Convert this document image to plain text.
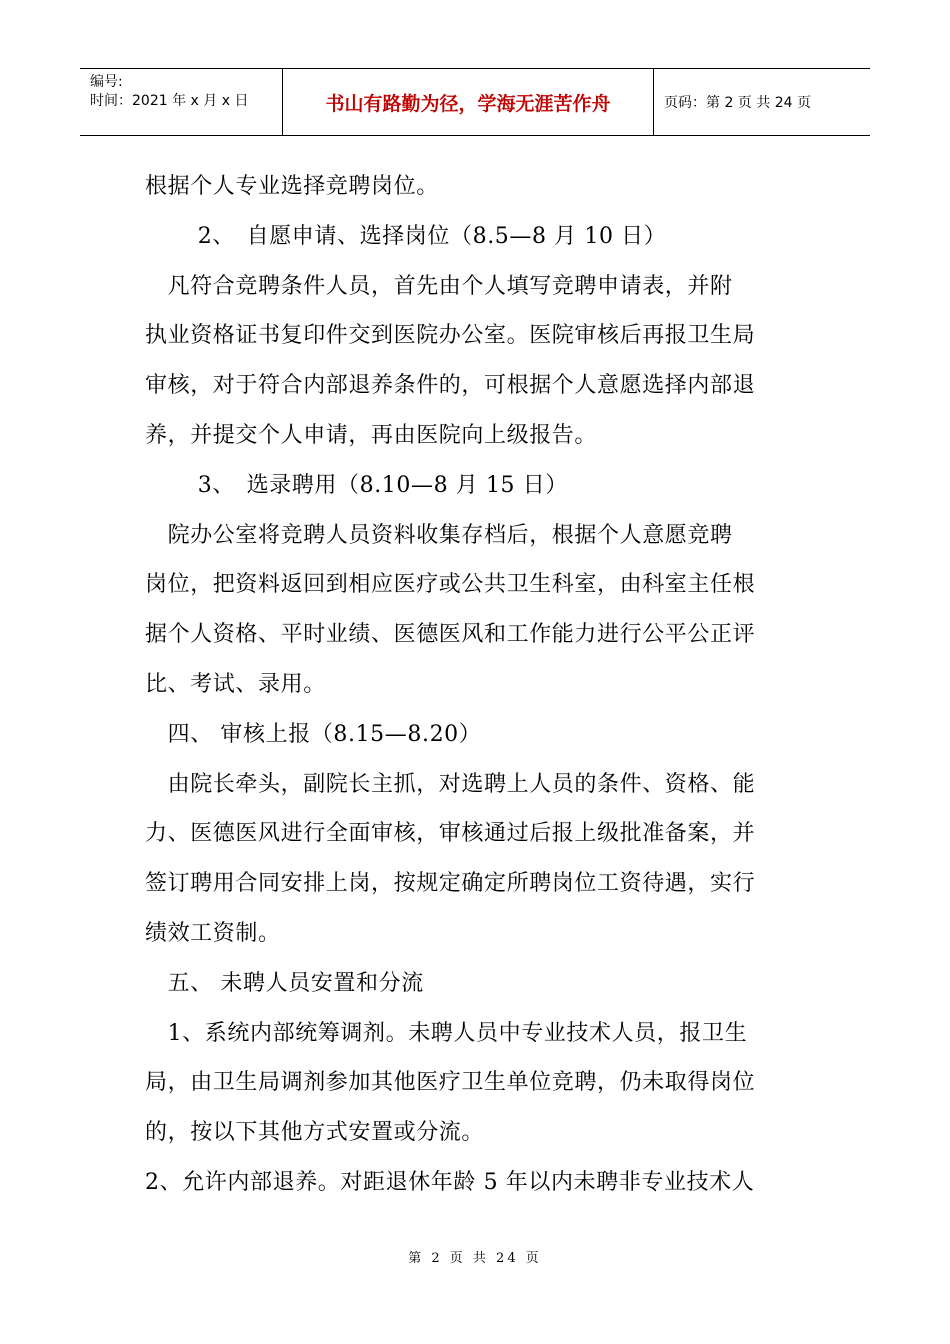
编号:
时间：2021 年 x 月 x 日	书山有路勤为径，学海无涯苦作舟	页码：第 2 页 共 24 页
根据个人专业选择竞聘岗位。
　　 2、　自愿申请、选择岗位（8.5—8 月 10 日）
　凡符合竞聘条件人员，首先由个人填写竞聘申请表，并附
执业资格证书复印件交到医院办公室。医院审核后再报卫生局
审核，对于符合内部退养条件的，可根据个人意愿选择内部退
养，并提交个人申请，再由医院向上级报告。
　　 3、　选录聘用（8.10—8 月 15 日）
　院办公室将竞聘人员资料收集存档后，根据个人意愿竞聘
岗位，把资料返回到相应医疗或公共卫生科室，由科室主任根
据个人资格、平时业绩、医德医风和工作能力进行公平公正评
比、考试、录用。
　四、 审核上报（8.15—8.20）
　由院长牵头，副院长主抓，对选聘上人员的条件、资格、能
力、医德医风进行全面审核，审核通过后报上级批准备案，并
签订聘用合同安排上岗，按规定确定所聘岗位工资待遇，实行
绩效工资制。
　五、 未聘人员安置和分流
　1、系统内部统筹调剂。未聘人员中专业技术人员，报卫生
局，由卫生局调剂参加其他医疗卫生单位竞聘，仍未取得岗位
的，按以下其他方式安置或分流。
2、允许内部退养。对距退休年龄 5 年以内未聘非专业技术人
第 2 页 共 24 页
